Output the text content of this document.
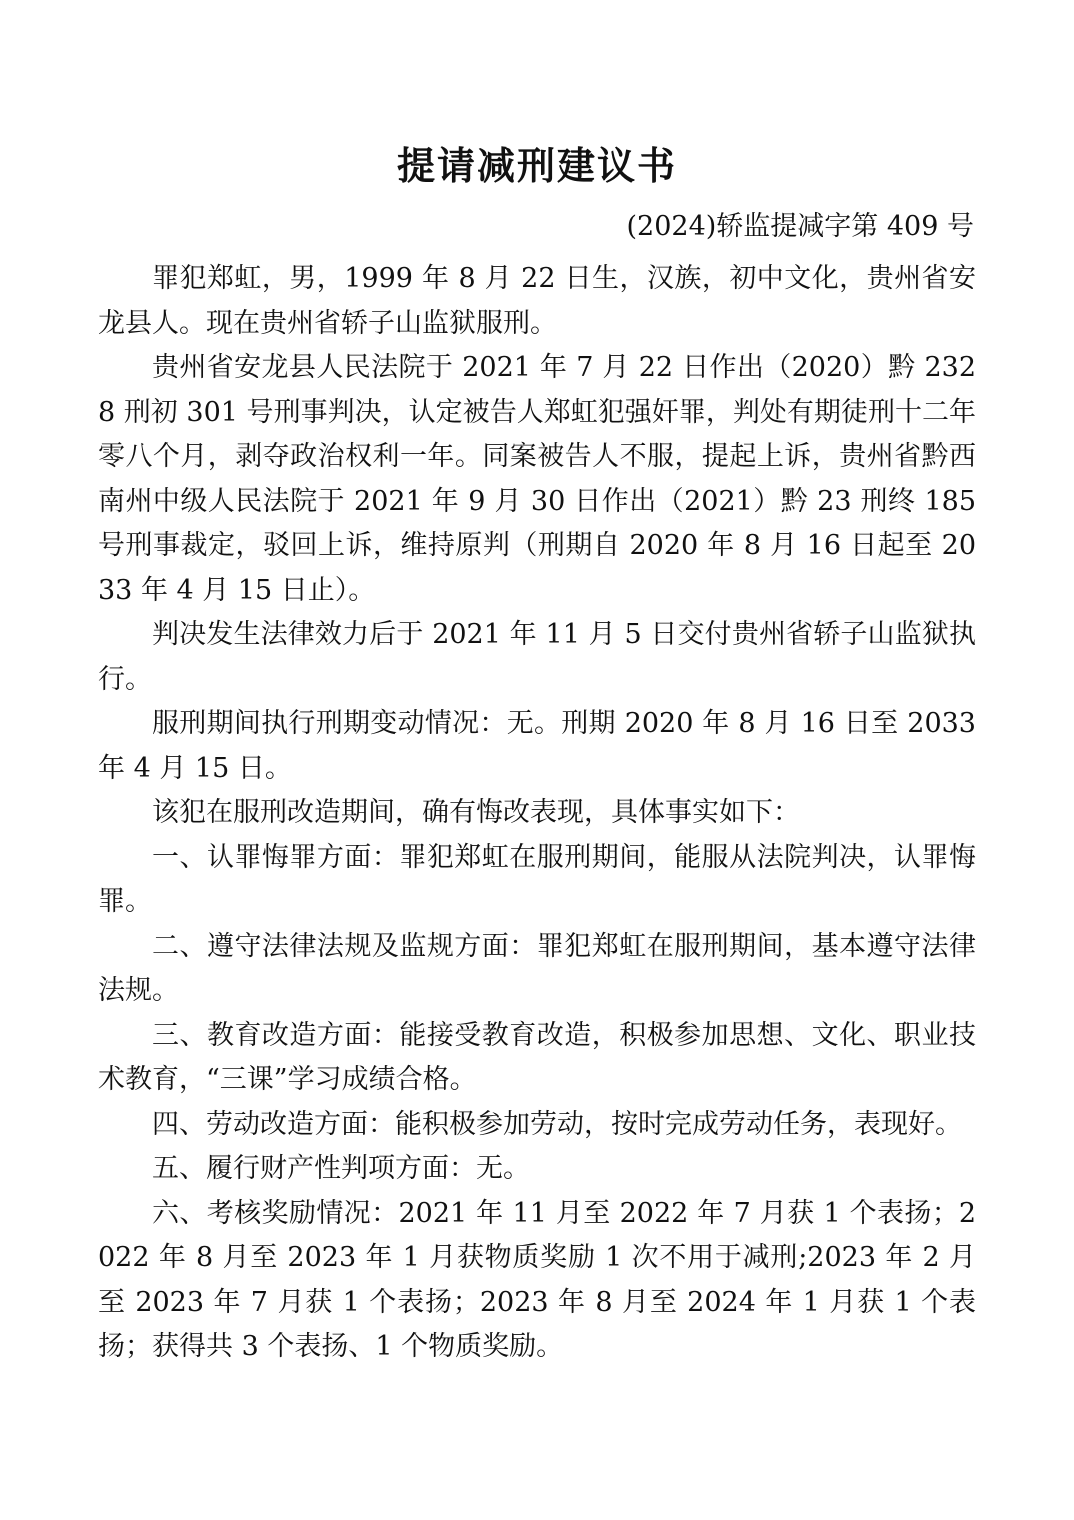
提请减刑建议书
(2024)轿监提减字第 409 号

罪犯郑虹，男，1999 年 8 月 22 日生，汉族，初中文化，贵州省安龙县人。现在贵州省轿子山监狱服刑。

贵州省安龙县人民法院于 2021 年 7 月 22 日作出（2020）黔 2328 刑初 301 号刑事判决，认定被告人郑虹犯强奸罪，判处有期徒刑十二年零八个月，剥夺政治权利一年。同案被告人不服，提起上诉，贵州省黔西南州中级人民法院于 2021 年 9 月 30 日作出（2021）黔 23 刑终 185 号刑事裁定，驳回上诉，维持原判（刑期自 2020 年 8 月 16 日起至 2033 年 4 月 15 日止）。

判决发生法律效力后于 2021 年 11 月 5 日交付贵州省轿子山监狱执行。

服刑期间执行刑期变动情况：无。刑期 2020 年 8 月 16 日至 2033 年 4 月 15 日。

该犯在服刑改造期间，确有悔改表现，具体事实如下：

一、认罪悔罪方面：罪犯郑虹在服刑期间，能服从法院判决，认罪悔罪。

二、遵守法律法规及监规方面：罪犯郑虹在服刑期间，基本遵守法律法规。

三、教育改造方面：能接受教育改造，积极参加思想、文化、职业技术教育，“三课”学习成绩合格。

四、劳动改造方面：能积极参加劳动，按时完成劳动任务，表现好。

五、履行财产性判项方面：无。

六、考核奖励情况：2021 年 11 月至 2022 年 7 月获 1 个表扬；2022 年 8 月至 2023 年 1 月获物质奖励 1 次不用于减刑;2023 年 2 月至 2023 年 7 月获 1 个表扬；2023 年 8 月至 2024 年 1 月获 1 个表扬；获得共 3 个表扬、1 个物质奖励。
